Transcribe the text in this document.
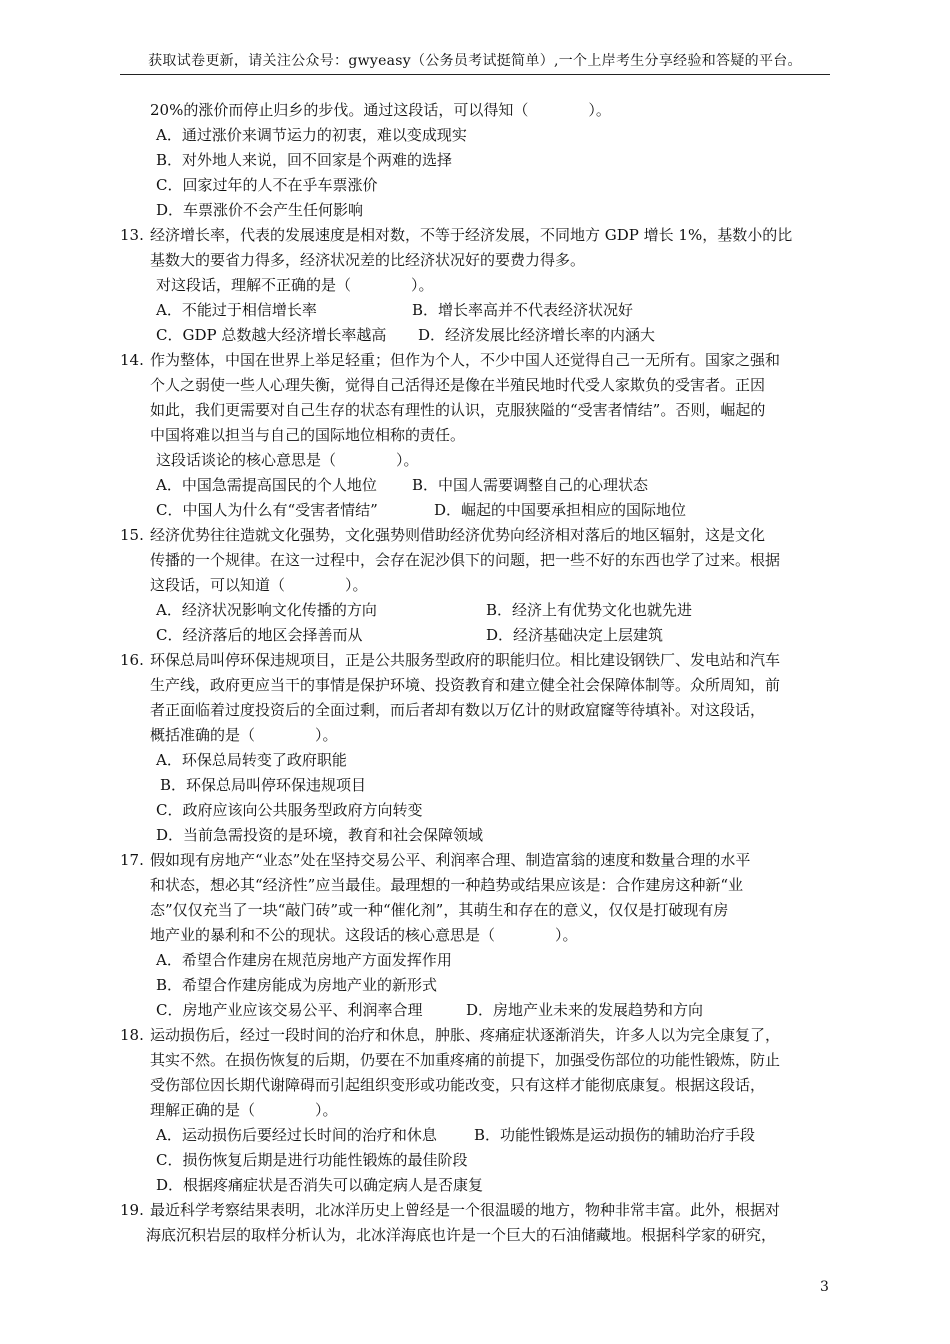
获取试卷更新，请关注公众号：gwyeasy（公务员考试挺简单）,一个上岸考生分享经验和答疑的平台。
20%的涨价而停止归乡的步伐。通过这段话，可以得知（　　　　）。
A．通过涨价来调节运力的初衷，难以变成现实
B．对外地人来说，回不回家是个两难的选择
C．回家过年的人不在乎车票涨价
D．车票涨价不会产生任何影响
13. 经济增长率，代表的发展速度是相对数，不等于经济发展，不同地方 GDP 增长 1%，基数小的比
基数大的要省力得多，经济状况差的比经济状况好的要费力得多。
对这段话，理解不正确的是（　　　　）。
A．不能过于相信增长率	B．增长率高并不代表经济状况好
C．GDP 总数越大经济增长率越高 D．经济发展比经济增长率的内涵大
14. 作为整体，中国在世界上举足轻重；但作为个人，不少中国人还觉得自己一无所有。国家之强和
个人之弱使一些人心理失衡，觉得自己活得还是像在半殖民地时代受人家欺负的受害者。正因
如此，我们更需要对自己生存的状态有理性的认识，克服狭隘的“受害者情结”。否则，崛起的
中国将难以担当与自己的国际地位相称的责任。
这段话谈论的核心意思是（　　　　）。
A．中国急需提高国民的个人地位 B．中国人需要调整自己的心理状态
C．中国人为什么有“受害者情结”	D．崛起的中国要承担相应的国际地位
15. 经济优势往往造就文化强势，文化强势则借助经济优势向经济相对落后的地区辐射，这是文化
传播的一个规律。在这一过程中，会存在泥沙俱下的问题，把一些不好的东西也学了过来。根据
这段话，可以知道（　　　　）。
A．经济状况影响文化传播的方向	B．经济上有优势文化也就先进
C．经济落后的地区会择善而从	D．经济基础决定上层建筑
16. 环保总局叫停环保违规项目，正是公共服务型政府的职能归位。相比建设钢铁厂、发电站和汽车
生产线，政府更应当干的事情是保护环境、投资教育和建立健全社会保障体制等。众所周知，前
者正面临着过度投资后的全面过剩，而后者却有数以万亿计的财政窟窿等待填补。对这段话，
概括准确的是（　　　　）。
A．环保总局转变了政府职能
B．环保总局叫停环保违规项目
C．政府应该向公共服务型政府方向转变
D．当前急需投资的是环境，教育和社会保障领域
17. 假如现有房地产“业态”处在坚持交易公平、利润率合理、制造富翁的速度和数量合理的水平
和状态，想必其“经济性”应当最佳。最理想的一种趋势或结果应该是：合作建房这种新“业
态”仅仅充当了一块“敲门砖”或一种“催化剂”，其萌生和存在的意义，仅仅是打破现有房
地产业的暴利和不公的现状。这段话的核心意思是（　　　　）。
A．希望合作建房在规范房地产方面发挥作用
B．希望合作建房能成为房地产业的新形式
C．房地产业应该交易公平、利润率合理	D．房地产业未来的发展趋势和方向
18. 运动损伤后，经过一段时间的治疗和休息，肿胀、疼痛症状逐渐消失，许多人以为完全康复了，
其实不然。在损伤恢复的后期，仍要在不加重疼痛的前提下，加强受伤部位的功能性锻炼，防止
受伤部位因长期代谢障碍而引起组织变形或功能改变，只有这样才能彻底康复。根据这段话，
理解正确的是（　　　　）。
A．运动损伤后要经过长时间的治疗和休息 B．功能性锻炼是运动损伤的辅助治疗手段
C．损伤恢复后期是进行功能性锻炼的最佳阶段
D．根据疼痛症状是否消失可以确定病人是否康复
19. 最近科学考察结果表明，北冰洋历史上曾经是一个很温暖的地方，物种非常丰富。此外，根据对
海底沉积岩层的取样分析认为，北冰洋海底也许是一个巨大的石油储藏地。根据科学家的研究，
3
